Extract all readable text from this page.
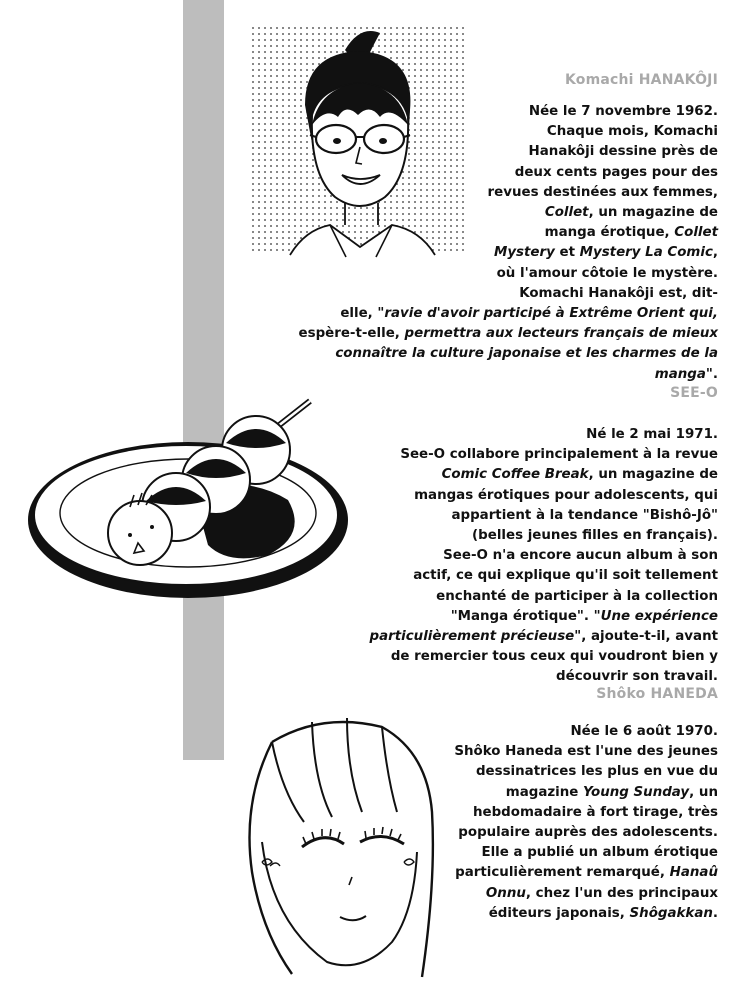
Komachi HANAKÔJI
Née le 7 novembre 1962.
Chaque mois, Komachi
Hanakôji dessine près de
deux cents pages pour des
revues destinées aux femmes,
Collet, un magazine de
manga érotique, Collet
Mystery et Mystery La Comic,
où l'amour côtoie le mystère.
Komachi Hanakôji est, dit-
elle, "ravie d'avoir participé à Extrême Orient qui,
espère-t-elle, permettra aux lecteurs français de mieux
connaître la culture japonaise et les charmes de la
manga".
SEE-O
Né le 2 mai 1971.
See-O collabore principalement à la revue
Comic Coffee Break, un magazine de
mangas érotiques pour adolescents, qui
appartient à la tendance "Bishô-Jô"
(belles jeunes filles en français).
See-O n'a encore aucun album à son
actif, ce qui explique qu'il soit tellement
enchanté de participer à la collection
"Manga érotique". "Une expérience
particulièrement précieuse", ajoute-t-il, avant
de remercier tous ceux qui voudront bien y
découvrir son travail.
Shôko HANEDA
Née le 6 août 1970.
Shôko Haneda est l'une des jeunes
dessinatrices les plus en vue du
magazine Young Sunday, un
hebdomadaire à fort tirage, très
populaire auprès des adolescents.
Elle a publié un album érotique
particulièrement remarqué, Hanaû
Onnu, chez l'un des principaux
éditeurs japonais, Shôgakkan.
